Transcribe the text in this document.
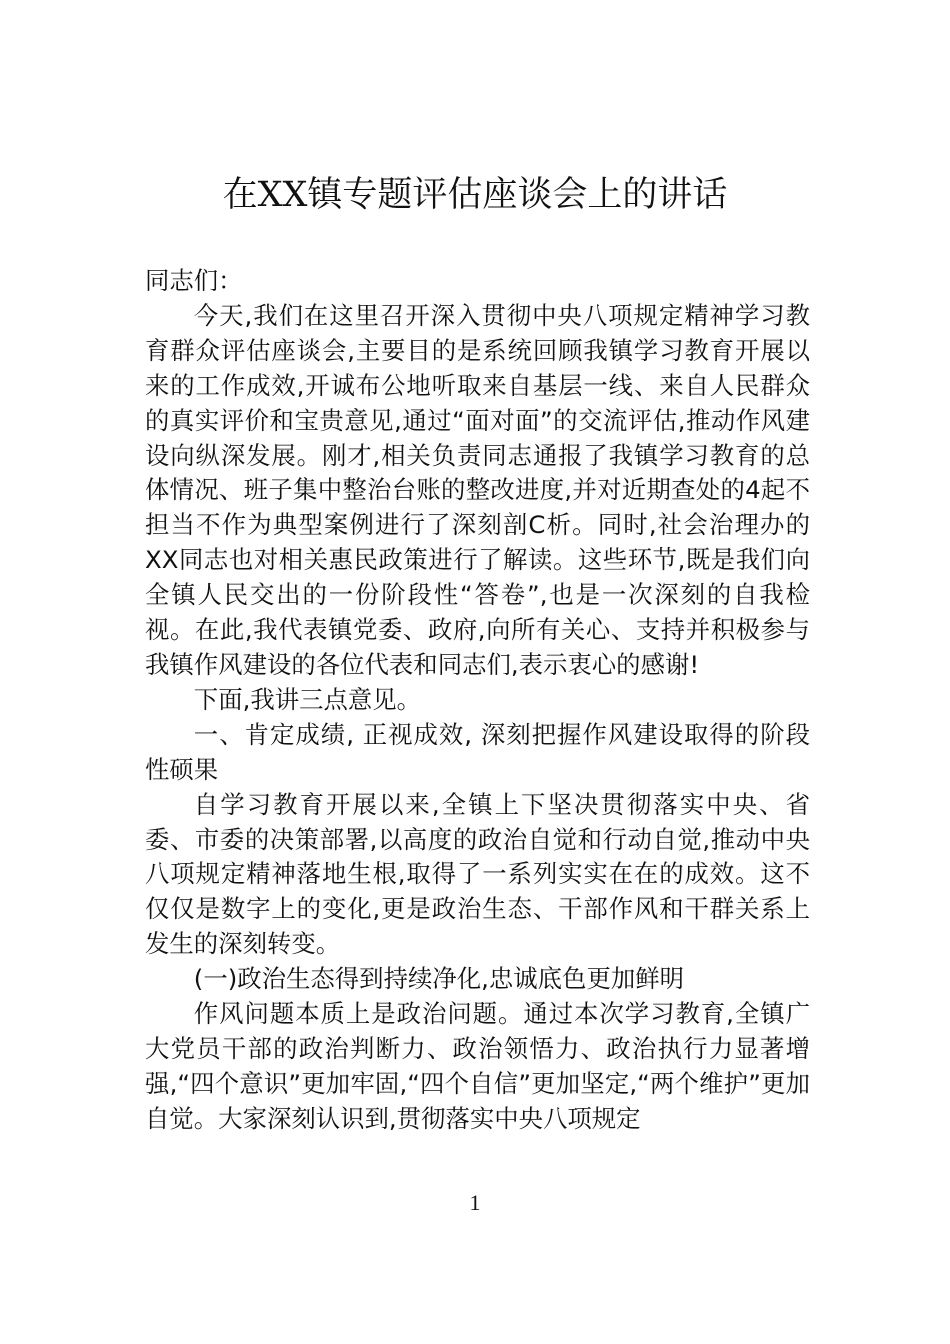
在XX镇专题评估座谈会上的讲话

同志们：

今天,我们在这里召开深入贯彻中央八项规定精神学习教育群众评估座谈会,主要目的是系统回顾我镇学习教育开展以来的工作成效,开诚布公地听取来自基层一线、来自人民群众的真实评价和宝贵意见,通过“面对面”的交流评估,推动作风建设向纵深发展。刚才,相关负责同志通报了我镇学习教育的总体情况、班子集中整治台账的整改进度,并对近期查处的4起不担当不作为典型案例进行了深刻剖C析。同时,社会治理办的XX同志也对相关惠民政策进行了解读。这些环节,既是我们向全镇人民交出的一份阶段性“答卷”,也是一次深刻的自我检视。在此,我代表镇党委、政府,向所有关心、支持并积极参与我镇作风建设的各位代表和同志们,表示衷心的感谢!

下面,我讲三点意见。

一、肯定成绩, 正视成效, 深刻把握作风建设取得的阶段性硕果

自学习教育开展以来,全镇上下坚决贯彻落实中央、省委、市委的决策部署,以高度的政治自觉和行动自觉,推动中央八项规定精神落地生根,取得了一系列实实在在的成效。这不仅仅是数字上的变化,更是政治生态、干部作风和干群关系上发生的深刻转变。

(一)政治生态得到持续净化,忠诚底色更加鲜明

作风问题本质上是政治问题。通过本次学习教育,全镇广大党员干部的政治判断力、政治领悟力、政治执行力显著增强,“四个意识”更加牢固,“四个自信”更加坚定,“两个维护”更加自觉。大家深刻认识到,贯彻落实中央八项规定

1
